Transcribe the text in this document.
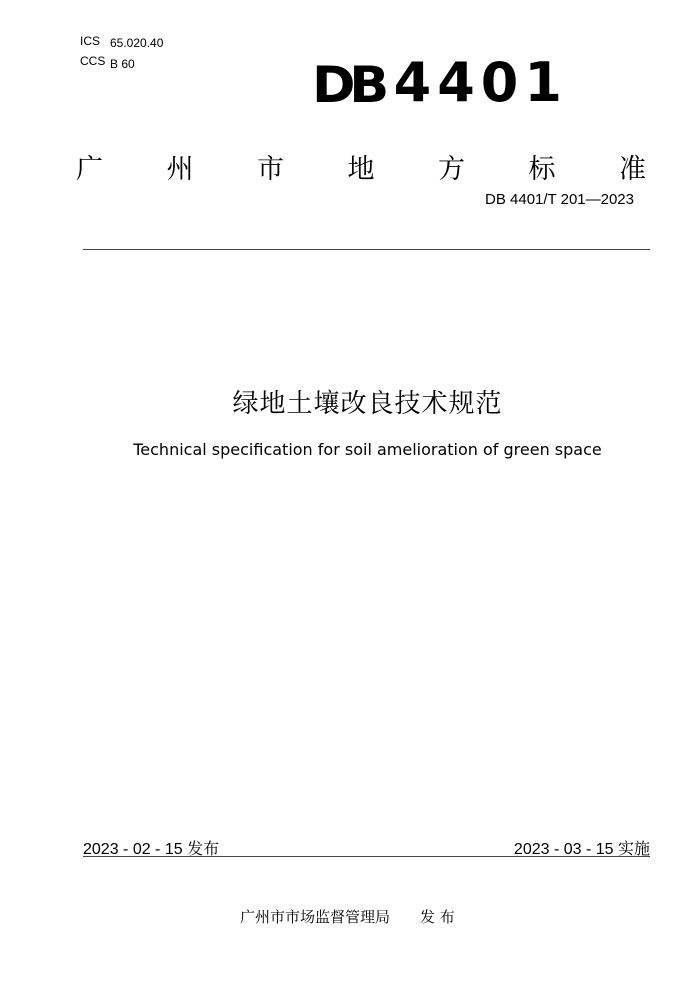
ICS 65.020.40
CCS B 60	DB 4401
广 州 市 地 方 标 准
DB 4401/T 201—2023
绿地土壤改良技术规范
Technical specification for soil amelioration of green space
2023 - 02 - 15 发布	2023 - 03 - 15 实施
广州市市场监督管理局 发 布
